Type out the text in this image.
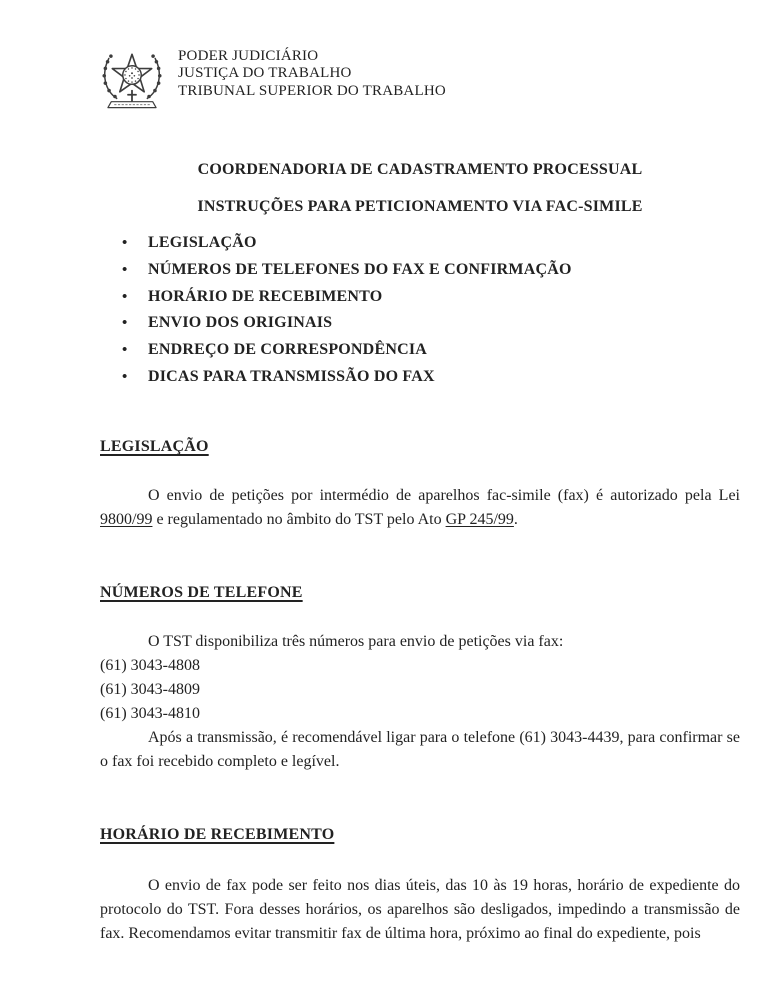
PODER JUDICIÁRIO
JUSTIÇA DO TRABALHO
TRIBUNAL SUPERIOR DO TRABALHO
COORDENADORIA DE CADASTRAMENTO PROCESSUAL
INSTRUÇÕES PARA PETICIONAMENTO VIA FAC-SIMILE
•	LEGISLAÇÃO
•	NÚMEROS DE TELEFONES DO FAX E CONFIRMAÇÃO
•	HORÁRIO DE RECEBIMENTO
•	ENVIO DOS ORIGINAIS
•	ENDREÇO DE CORRESPONDÊNCIA
•	DICAS PARA TRANSMISSÃO DO FAX
LEGISLAÇÃO

O envio de petições por intermédio de aparelhos fac-simile (fax) é autorizado pela Lei 9800/99 e regulamentado no âmbito do TST pelo Ato GP 245/99.

NÚMEROS DE TELEFONE

O TST disponibiliza três números para envio de petições via fax:

(61) 3043-4808
(61) 3043-4809
(61) 3043-4810

Após a transmissão, é recomendável ligar para o telefone (61) 3043-4439, para confirmar se o fax foi recebido completo e legível.

HORÁRIO DE RECEBIMENTO

O envio de fax pode ser feito nos dias úteis, das 10 às 19 horas, horário de expediente do protocolo do TST. Fora desses horários, os aparelhos são desligados, impedindo a transmissão de fax. Recomendamos evitar transmitir fax de última hora, próximo ao final do expediente, pois
